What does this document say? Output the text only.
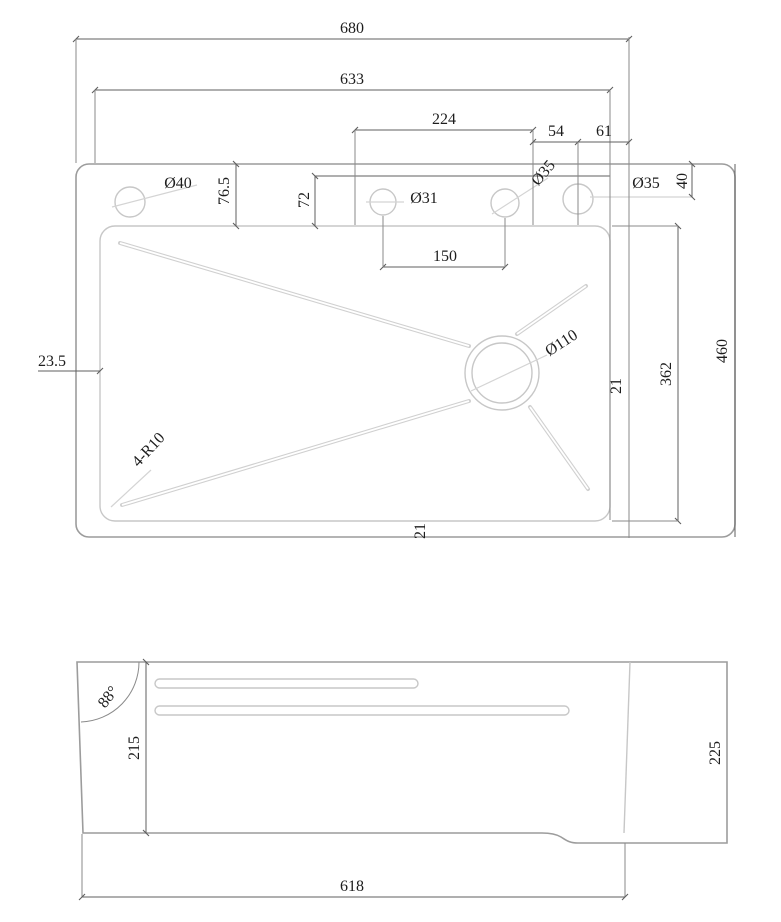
680
633
224
54 61
Ø40 76.5	72	Ø31
Ø35	Ø35 40
150
Ø110
23.5
4-R10
21 362
460
21
88°
215	225
618
